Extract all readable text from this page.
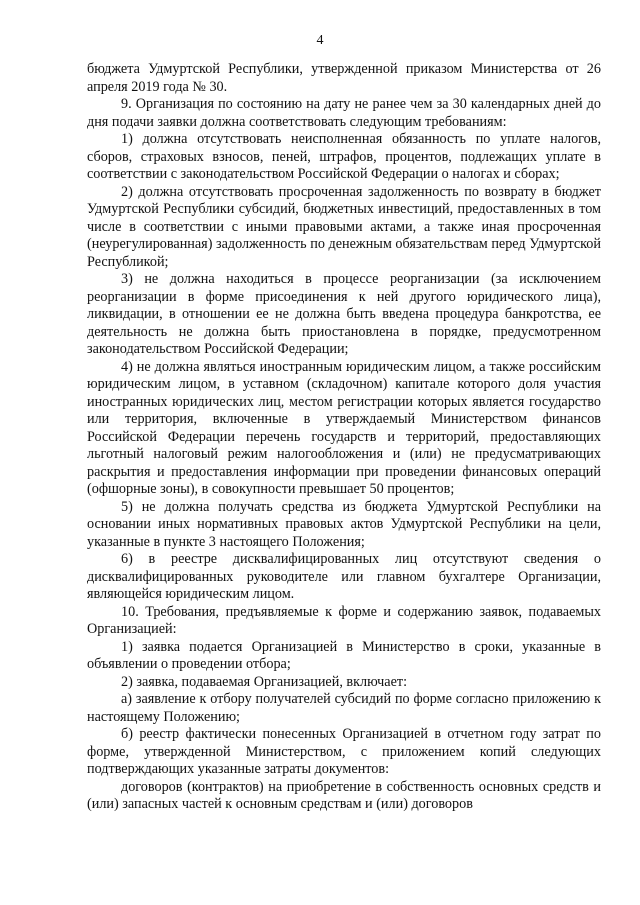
4

бюджета Удмуртской Республики, утвержденной приказом Министерства от 26 апреля 2019 года № 30.

9. Организация по состоянию на дату не ранее чем за 30 календарных дней до дня подачи заявки должна соответствовать следующим требованиям:

1) должна отсутствовать неисполненная обязанность по уплате налогов, сборов, страховых взносов, пеней, штрафов, процентов, подлежащих уплате в соответствии с законодательством Российской Федерации о налогах и сборах;

2) должна отсутствовать просроченная задолженность по возврату в бюджет Удмуртской Республики субсидий, бюджетных инвестиций, предоставленных в том числе в соответствии с иными правовыми актами, а также иная просроченная (неурегулированная) задолженность по денежным обязательствам перед Удмуртской Республикой;

3) не должна находиться в процессе реорганизации (за исключением реорганизации в форме присоединения к ней другого юридического лица), ликвидации, в отношении ее не должна быть введена процедура банкротства, ее деятельность не должна быть приостановлена в порядке, предусмотренном законодательством Российской Федерации;

4) не должна являться иностранным юридическим лицом, а также российским юридическим лицом, в уставном (складочном) капитале которого доля участия иностранных юридических лиц, местом регистрации которых является государство или территория, включенные в утверждаемый Министерством финансов Российской Федерации перечень государств и территорий, предоставляющих льготный налоговый режим налогообложения и (или) не предусматривающих раскрытия и предоставления информации при проведении финансовых операций (офшорные зоны), в совокупности превышает 50 процентов;

5) не должна получать средства из бюджета Удмуртской Республики на основании иных нормативных правовых актов Удмуртской Республики на цели, указанные в пункте 3 настоящего Положения;

6) в реестре дисквалифицированных лиц отсутствуют сведения о дисквалифицированных руководителе или главном бухгалтере Организации, являющейся юридическим лицом.

10. Требования, предъявляемые к форме и содержанию заявок, подаваемых Организацией:

1) заявка подается Организацией в Министерство в сроки, указанные в объявлении о проведении отбора;

2) заявка, подаваемая Организацией, включает:

а) заявление к отбору получателей субсидий по форме согласно приложению к настоящему Положению;

б) реестр фактически понесенных Организацией в отчетном году затрат по форме, утвержденной Министерством, с приложением копий следующих подтверждающих указанные затраты документов:

договоров (контрактов) на приобретение в собственность основных средств и (или) запасных частей к основным средствам и (или) договоров
